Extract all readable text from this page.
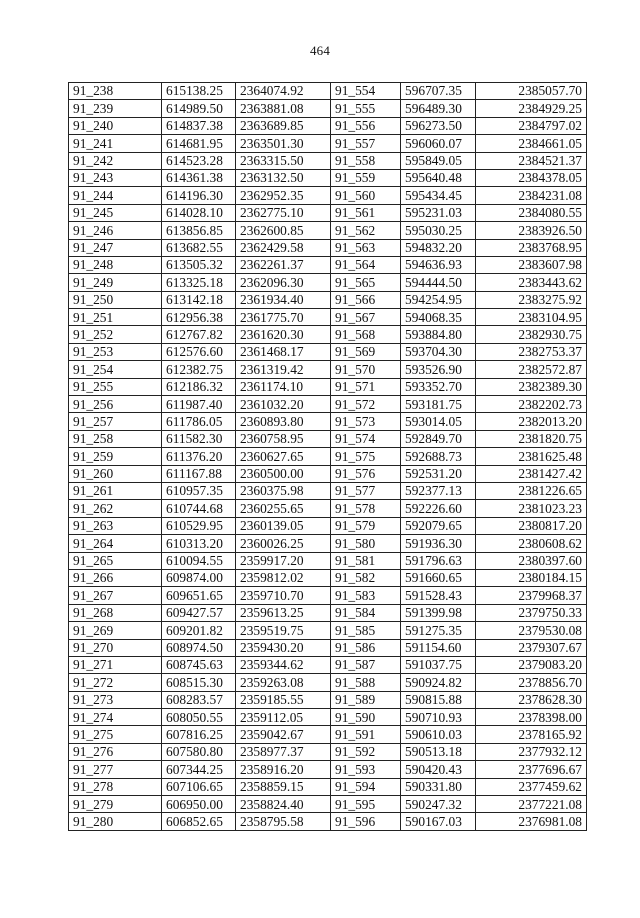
464
91_238	615138.25	2364074.92	91_554	596707.35	2385057.70
91_239	614989.50	2363881.08	91_555	596489.30	2384929.25
91_240	614837.38	2363689.85	91_556	596273.50	2384797.02
91_241	614681.95	2363501.30	91_557	596060.07	2384661.05
91_242	614523.28	2363315.50	91_558	595849.05	2384521.37
91_243	614361.38	2363132.50	91_559	595640.48	2384378.05
91_244	614196.30	2362952.35	91_560	595434.45	2384231.08
91_245	614028.10	2362775.10	91_561	595231.03	2384080.55
91_246	613856.85	2362600.85	91_562	595030.25	2383926.50
91_247	613682.55	2362429.58	91_563	594832.20	2383768.95
91_248	613505.32	2362261.37	91_564	594636.93	2383607.98
91_249	613325.18	2362096.30	91_565	594444.50	2383443.62
91_250	613142.18	2361934.40	91_566	594254.95	2383275.92
91_251	612956.38	2361775.70	91_567	594068.35	2383104.95
91_252	612767.82	2361620.30	91_568	593884.80	2382930.75
91_253	612576.60	2361468.17	91_569	593704.30	2382753.37
91_254	612382.75	2361319.42	91_570	593526.90	2382572.87
91_255	612186.32	2361174.10	91_571	593352.70	2382389.30
91_256	611987.40	2361032.20	91_572	593181.75	2382202.73
91_257	611786.05	2360893.80	91_573	593014.05	2382013.20
91_258	611582.30	2360758.95	91_574	592849.70	2381820.75
91_259	611376.20	2360627.65	91_575	592688.73	2381625.48
91_260	611167.88	2360500.00	91_576	592531.20	2381427.42
91_261	610957.35	2360375.98	91_577	592377.13	2381226.65
91_262	610744.68	2360255.65	91_578	592226.60	2381023.23
91_263	610529.95	2360139.05	91_579	592079.65	2380817.20
91_264	610313.20	2360026.25	91_580	591936.30	2380608.62
91_265	610094.55	2359917.20	91_581	591796.63	2380397.60
91_266	609874.00	2359812.02	91_582	591660.65	2380184.15
91_267	609651.65	2359710.70	91_583	591528.43	2379968.37
91_268	609427.57	2359613.25	91_584	591399.98	2379750.33
91_269	609201.82	2359519.75	91_585	591275.35	2379530.08
91_270	608974.50	2359430.20	91_586	591154.60	2379307.67
91_271	608745.63	2359344.62	91_587	591037.75	2379083.20
91_272	608515.30	2359263.08	91_588	590924.82	2378856.70
91_273	608283.57	2359185.55	91_589	590815.88	2378628.30
91_274	608050.55	2359112.05	91_590	590710.93	2378398.00
91_275	607816.25	2359042.67	91_591	590610.03	2378165.92
91_276	607580.80	2358977.37	91_592	590513.18	2377932.12
91_277	607344.25	2358916.20	91_593	590420.43	2377696.67
91_278	607106.65	2358859.15	91_594	590331.80	2377459.62
91_279	606950.00	2358824.40	91_595	590247.32	2377221.08
91_280	606852.65	2358795.58	91_596	590167.03	2376981.08
